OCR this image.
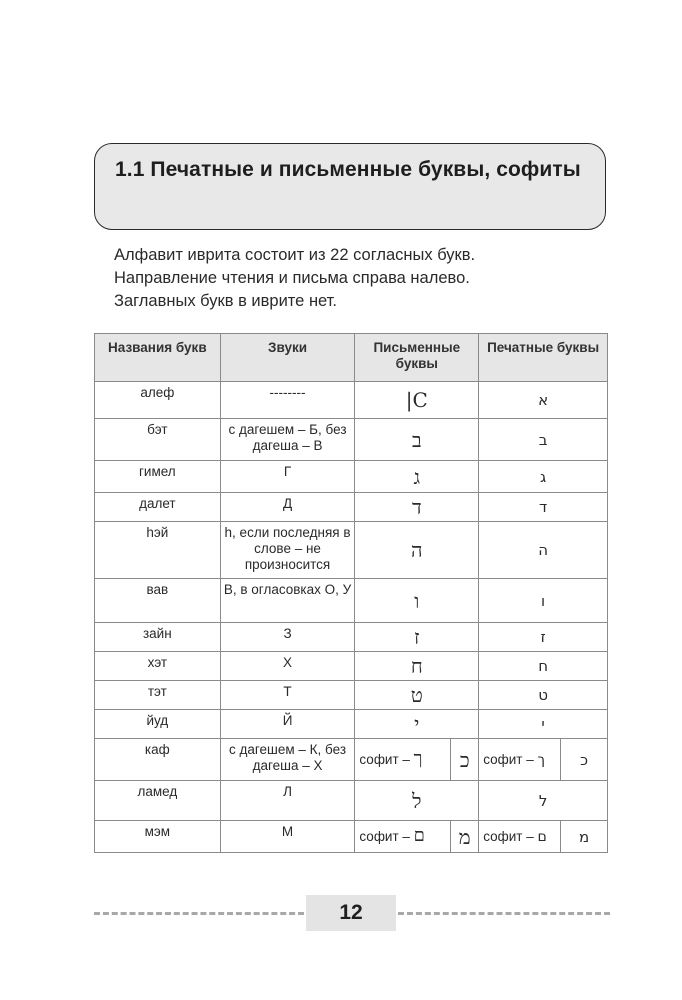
1.1 Печатные и письменные буквы, софиты
Алфавит иврита состоит из 22 согласных букв.
Направление чтения и письма справа налево.
Заглавных букв в иврите нет.
Названия букв	Звуки	Письменные буквы		Печатные буквы	
алеф	--------	|C		א	
бэт	с дагешем – Б, без дагеша – В	ב		ב	
гимел	Г	ג		ג	
далет	Д	ד		ד	
hэй	h, если последняя в слове – не произносится	ה		ה	
вав	В, в огласовках О, У	ו		ו	
зайн	З	ז		ז	
хэт	Х	ח		ח	
тэт	Т	ט		ט	
йуд	Й	י		י	
каф	с дагешем – К, без дагеша – Х	софит – ך	כ	софит – ך	כ
ламед	Л	ל		ל	
мэм	М	софит – ם	מ	софит – ם	מ
12
